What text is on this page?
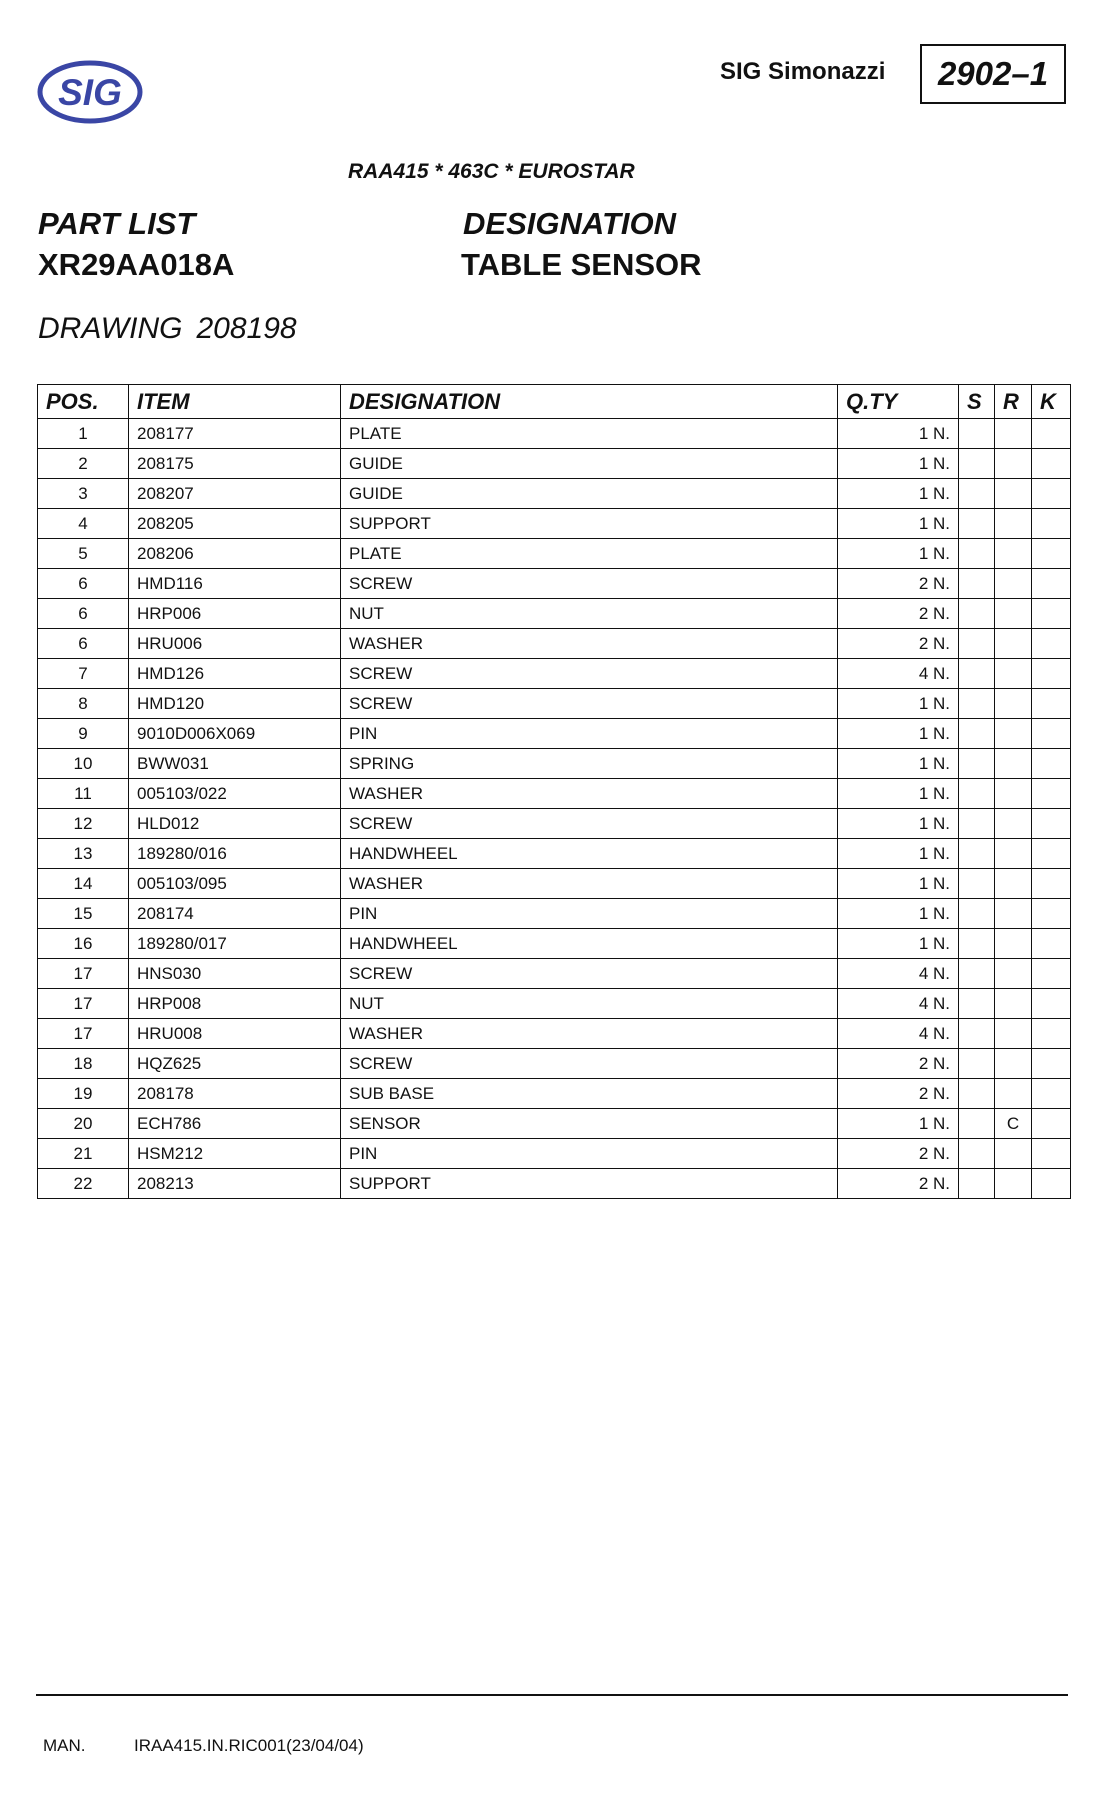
SIG
SIG Simonazzi	2902–1
RAA415 * 463C * EUROSTAR
PART LIST
XR29AA018A
DESIGNATION
TABLE SENSOR
DRAWING 208198
POS.	ITEM	DESIGNATION	Q.TY	S	R	K
1	208177	PLATE	1 N.			
2	208175	GUIDE	1 N.			
3	208207	GUIDE	1 N.			
4	208205	SUPPORT	1 N.			
5	208206	PLATE	1 N.			
6	HMD116	SCREW	2 N.			
6	HRP006	NUT	2 N.			
6	HRU006	WASHER	2 N.			
7	HMD126	SCREW	4 N.			
8	HMD120	SCREW	1 N.			
9	9010D006X069	PIN	1 N.			
10	BWW031	SPRING	1 N.			
11	005103/022	WASHER	1 N.			
12	HLD012	SCREW	1 N.			
13	189280/016	HANDWHEEL	1 N.			
14	005103/095	WASHER	1 N.			
15	208174	PIN	1 N.			
16	189280/017	HANDWHEEL	1 N.			
17	HNS030	SCREW	4 N.			
17	HRP008	NUT	4 N.			
17	HRU008	WASHER	4 N.			
18	HQZ625	SCREW	2 N.			
19	208178	SUB BASE	2 N.			
20	ECH786	SENSOR	1 N.		C	
21	HSM212	PIN	2 N.			
22	208213	SUPPORT	2 N.			
MAN.	IRAA415.IN.RIC001(23/04/04)
